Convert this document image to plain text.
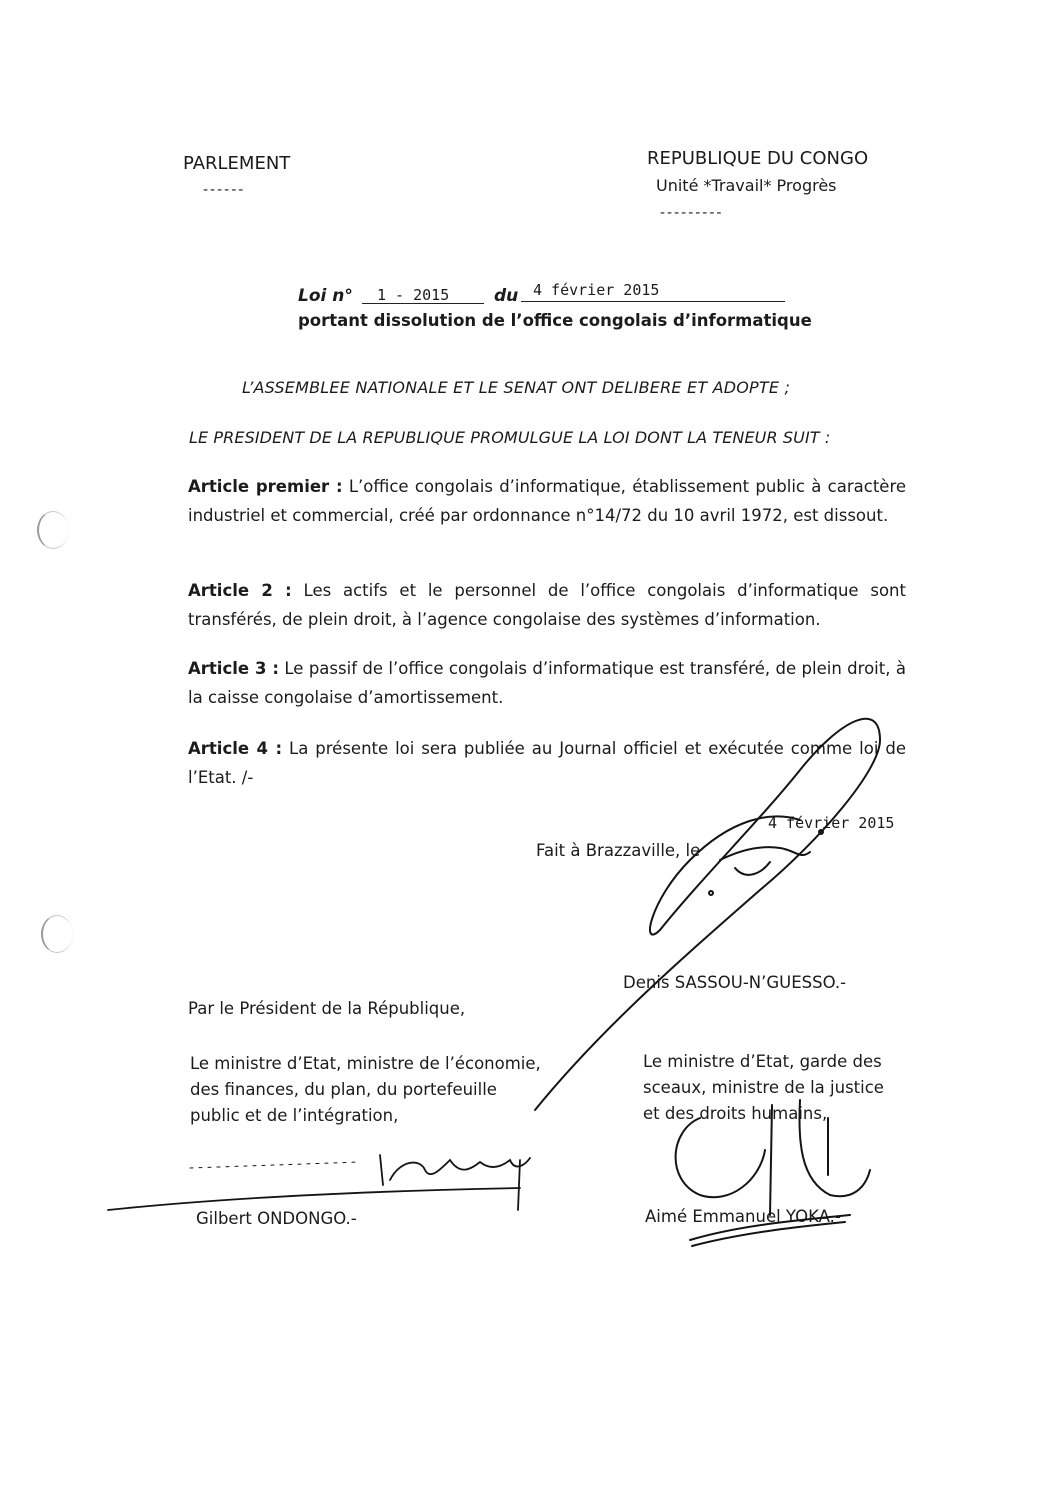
PARLEMENT
------
REPUBLIQUE DU CONGO
Unité *Travail* Progrès
---------
Loi n° 1 - 2015	du 4 février 2015
portant dissolution de l’office congolais d’informatique
L’ASSEMBLEE NATIONALE ET LE SENAT ONT DELIBERE ET ADOPTE ;
LE PRESIDENT DE LA REPUBLIQUE PROMULGUE LA LOI DONT LA TENEUR SUIT :
Article premier : L’office congolais d’informatique, établissement public à caractère industriel et commercial, créé par ordonnance n°14/72 du 10 avril 1972, est dissout.
Article 2 : Les actifs et le personnel de l’office congolais d’informatique sont transférés, de plein droit, à l’agence congolaise des systèmes d’information.
Article 3 : Le passif de l’office congolais d’informatique est transféré, de plein droit, à la caisse congolaise d’amortissement.
Article 4 : La présente loi sera publiée au Journal officiel et exécutée comme loi de l’Etat. /-
4 février 2015
Fait à Brazzaville, le
Denis SASSOU-N’GUESSO.-
Par le Président de la République,
Le ministre d’Etat, ministre de l’économie,
des finances, du plan, du portefeuille
public et de l’intégration,
Le ministre d’Etat, garde des
sceaux, ministre de la justice
et des droits humains,
Gilbert ONDONGO.-	Aimé Emmanuel YOKA.-
